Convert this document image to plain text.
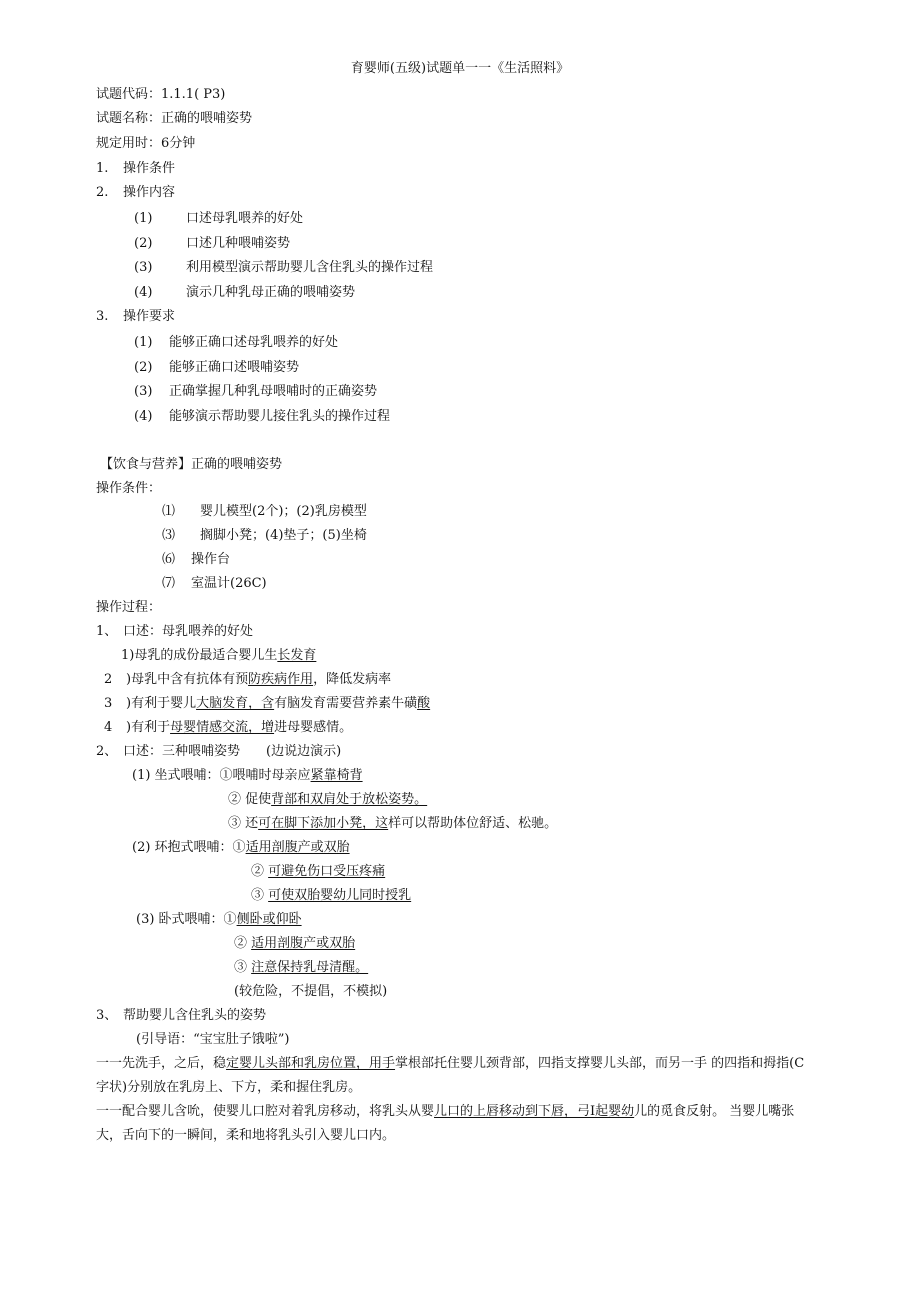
育婴师(五级)试题单一一《生活照料》
试题代码：1.1.1( P3)
试题名称：正确的喂哺姿势
规定用时：6分钟
1. 操作条件
2. 操作内容
(1)	口述母乳喂养的好处
(2)	口述几种喂哺姿势
(3)	利用模型演示帮助婴儿含住乳头的操作过程
(4)	演示几种乳母正确的喂哺姿势
3. 操作要求
(1) 能够正确口述母乳喂养的好处
(2) 能够正确口述喂哺姿势
(3) 正确掌握几种乳母喂哺时的正确姿势
(4) 能够演示帮助婴儿接住乳头的操作过程
【饮食与营养】正确的喂哺姿势
操作条件：
⑴ 婴儿模型(2个)；(2)乳房模型
⑶ 搁脚小凳；(4)垫子；(5)坐椅
⑹ 操作台
⑺ 室温计(26C)
操作过程：
1、 口述：母乳喂养的好处
1)母乳的成份最适合婴儿生长发育
2 )母乳中含有抗体有预防疾病作用，降低发病率
3 )有利于婴儿大脑发育，含有脑发育需要营养素牛磺酸
4 )有利于母婴情感交流，增进母婴感情。
2、 口述：三种喂哺姿势 (边说边演示)
(1) 坐式喂哺：①喂哺时母亲应紧靠椅背
② 促使背部和双肩处于放松姿势。
③ 还可在脚下添加小凳，这样可以帮助体位舒适、松驰。
(2) 环抱式喂哺：①适用剖腹产或双胎
② 可避免伤口受压疼痛
③ 可使双胎婴幼儿同时授乳
(3) 卧式喂哺：①侧卧或仰卧
② 适用剖腹产或双胎
③ 注意保持乳母清醒。
(较危险，不提倡，不模拟)
3、 帮助婴儿含住乳头的姿势
(引导语：“宝宝肚子饿啦”)
一一先洗手，之后，稳定婴儿头部和乳房位置，用手掌根部托住婴儿颈背部，四指支撑婴儿头部，而另一手 的四指和拇指(C
字状)分别放在乳房上、下方，柔和握住乳房。
一一配合婴儿含吮，使婴儿口腔对着乳房移动，将乳头从婴儿口的上唇移动到下唇，弓I起婴幼儿的觅食反射。 当婴儿嘴张
大，舌向下的一瞬间，柔和地将乳头引入婴儿口内。
